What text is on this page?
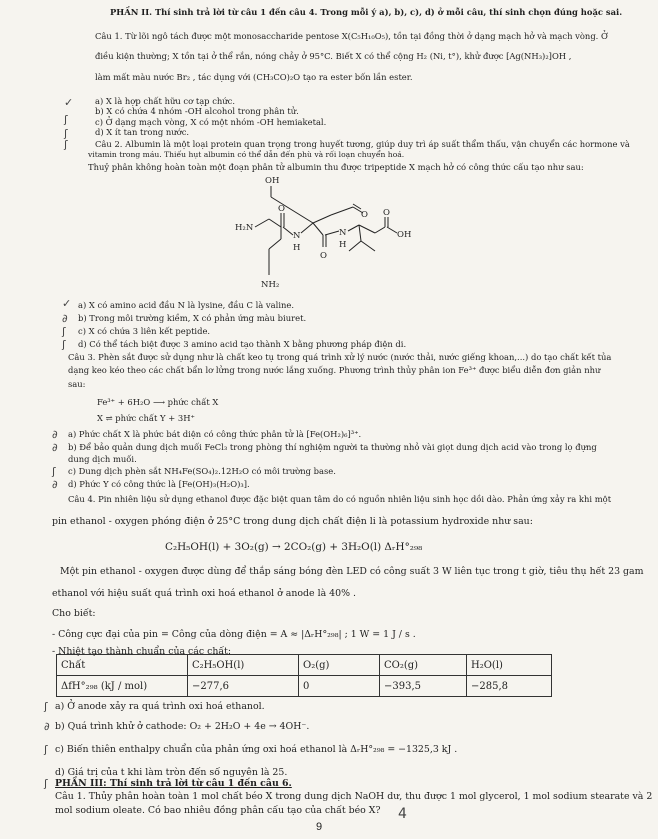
PHẦN II. Thí sinh trả lời từ câu 1 đến câu 4. Trong mỗi ý a), b), c), d) ở mỗi câu, thí sinh chọn đúng hoặc sai.
Câu 1. Từ lõi ngô tách được một monosaccharide pentose X(C₅H₁₀O₅), tồn tại đồng thời ở dạng mạch hở và mạch vòng. Ở
điều kiện thường; X tồn tại ở thể rắn, nóng chảy ở 95°C. Biết X có thể cộng H₂ (Ni, t°), khử được [Ag(NH₃)₂]OH ,
làm mất màu nước Br₂ , tác dụng với (CH₃CO)₂O tạo ra ester bốn lần ester.
a) X là hợp chất hữu cơ tạp chức.
b) X có chứa 4 nhóm -OH alcohol trong phân tử.
c) Ở dạng mạch vòng, X có một nhóm -OH hemiaketal.
d) X ít tan trong nước.
Câu 2. Albumin là một loại protein quan trọng trong huyết tương, giúp duy trì áp suất thẩm thấu, vận chuyển các hormone và
vitamin trong máu. Thiếu hụt albumin có thể dẫn đến phù và rối loạn chuyển hoá.
Thuỷ phân không hoàn toàn một đoạn phân tử albumin thu được tripeptide X mạch hở có công thức cấu tạo như sau:
OH
H₂N
O
N
H
O
O
N
H
O
OH
NH₂
a) X có amino acid đầu N là lysine, đầu C là valine.
b) Trong môi trường kiềm, X có phản ứng màu biuret.
c) X có chứa 3 liên kết peptide.
d) Có thể tách biệt được 3 amino acid tạo thành X bằng phương pháp điện di.
Câu 3. Phèn sắt được sử dụng như là chất keo tụ trong quá trình xử lý nước (nước thải, nước giếng khoan,...) do tạo chất kết tủa
dạng keo kéo theo các chất bẩn lơ lửng trong nước lắng xuống. Phương trình thủy phân ion Fe³⁺ được biểu diễn đơn giản như
sau:
Fe³⁺ + 6H₂O ⟶ phức chất X
X ⇌ phức chất Y + 3H⁺
a) Phức chất X là phức bát diện có công thức phân tử là [Fe(OH₂)₆]³⁺.
b) Để bảo quản dung dịch muối FeCl₃ trong phòng thí nghiệm người ta thường nhỏ vài giọt dung dịch acid vào trong lọ đựng
dung dịch muối.
c) Dung dịch phèn sắt NH₄Fe(SO₄)₂.12H₂O có môi trường base.
d) Phức Y có công thức là [Fe(OH)₃(H₂O)₃].
Câu 4. Pin nhiên liệu sử dụng ethanol được đặc biệt quan tâm do có nguồn nhiên liệu sinh học dồi dào. Phản ứng xảy ra khi một
pin ethanol - oxygen phóng điện ở 25°C trong dung dịch chất điện li là potassium hydroxide như sau:
C₂H₅OH(l) + 3O₂(g) → 2CO₂(g) + 3H₂O(l) ΔᵣH°₂₉₈
Một pin ethanol - oxygen được dùng để thắp sáng bóng đèn LED có công suất 3 W liên tục trong t giờ, tiêu thụ hết 23 gam
ethanol với hiệu suất quá trình oxi hoá ethanol ở anode là 40% .
Cho biết:
- Công cực đại của pin = Công của dòng điện = A ≈ |ΔᵣH°₂₉₈| ; 1 W = 1 J / s .
- Nhiệt tạo thành chuẩn của các chất:
Chất	C₂H₅OH(l)	O₂(g)	CO₂(g)	H₂O(l)
ΔfH°₂₉₈ (kJ / mol)	−277,6	0	−393,5	−285,8
a) Ở anode xảy ra quá trình oxi hoá ethanol.
b) Quá trình khử ở cathode: O₂ + 2H₂O + 4e → 4OH⁻.
c) Biến thiên enthalpy chuẩn của phản ứng oxi hoá ethanol là ΔᵣH°₂₉₈ = −1325,3 kJ .
d) Giá trị của t khi làm tròn đến số nguyên là 25.
PHẦN III: Thí sinh trả lời từ câu 1 đến câu 6.
Câu 1. Thủy phân hoàn toàn 1 mol chất béo X trong dung dịch NaOH dư, thu được 1 mol glycerol, 1 mol sodium stearate và 2
mol sodium oleate. Có bao nhiêu đồng phân cấu tạo của chất béo X?
9
✓
ʃ
ʃ
ʃ
✓
∂
ʃ
ʃ
∂
∂
ʃ
∂
ʃ
∂
ʃ
ʃ
4
